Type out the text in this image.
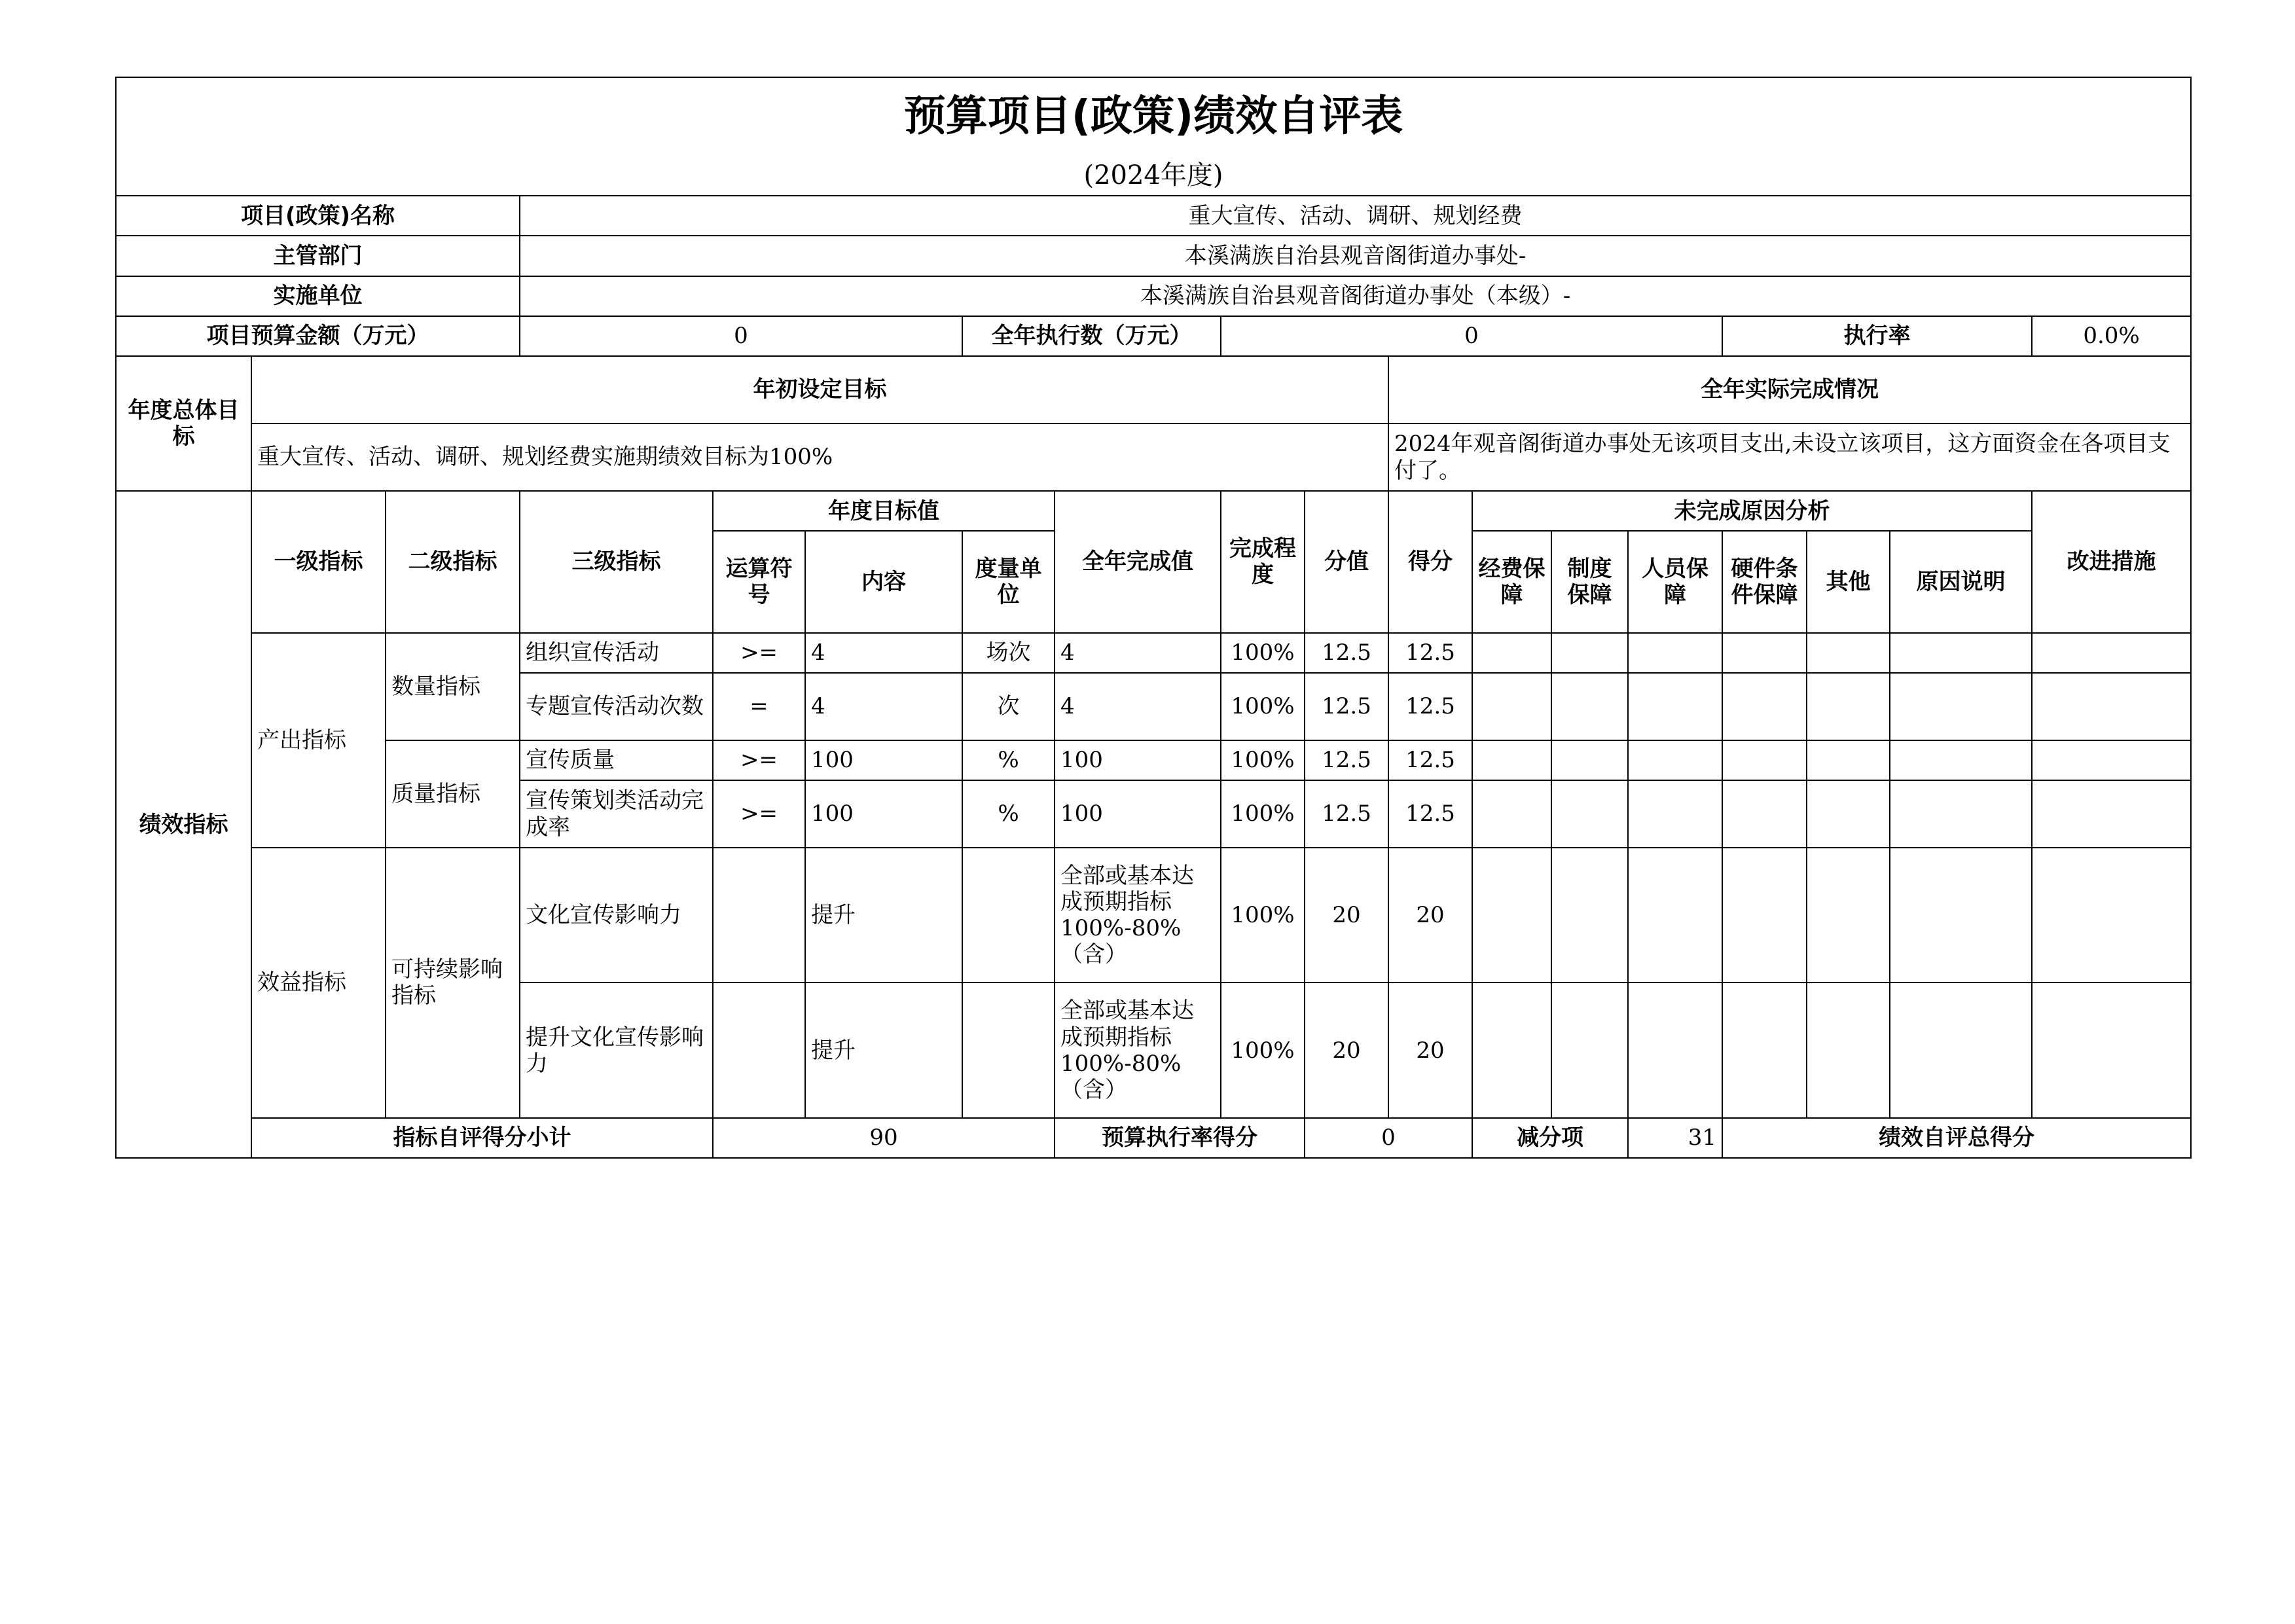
预算项目(政策)绩效自评表																		
(2024年度)																		
项目(政策)名称			重大宣传、活动、调研、规划经费															
主管部门			本溪满族自治县观音阁街道办事处-															
实施单位			本溪满族自治县观音阁街道办事处（本级）-															
项目预算金额（万元）			0			全年执行数（万元）		0						执行率			0.0%	
年度总体目标	年初设定目标									全年实际完成情况								
	重大宣传、活动、调研、规划经费实施期绩效目标为100%									2024年观音阁街道办事处无该项目支出,未设立该项目，这方面资金在各项目支付了。								
绩效指标	一级指标	二级指标	三级指标	年度目标值			全年完成值	完成程度	分值	得分	未完成原因分析						改进措施	
				运算符号	内容	度量单位					经费保障	制度保障	人员保障	硬件条件保障	其他	原因说明		
	产出指标	数量指标	组织宣传活动	>=	4	场次	4	100%	12.5	12.5								
			专题宣传活动次数	=	4	次	4	100%	12.5	12.5								
		质量指标	宣传质量	>=	100	%	100	100%	12.5	12.5								
			宣传策划类活动完成率	>=	100	%	100	100%	12.5	12.5								
	效益指标	可持续影响指标	文化宣传影响力		提升		全部或基本达成预期指标100%-80%（含）	100%	20	20								
			提升文化宣传影响力		提升		全部或基本达成预期指标100%-80%（含）	100%	20	20								
	指标自评得分小计			90			预算执行率得分		0		减分项		31	绩效自评总得分	
